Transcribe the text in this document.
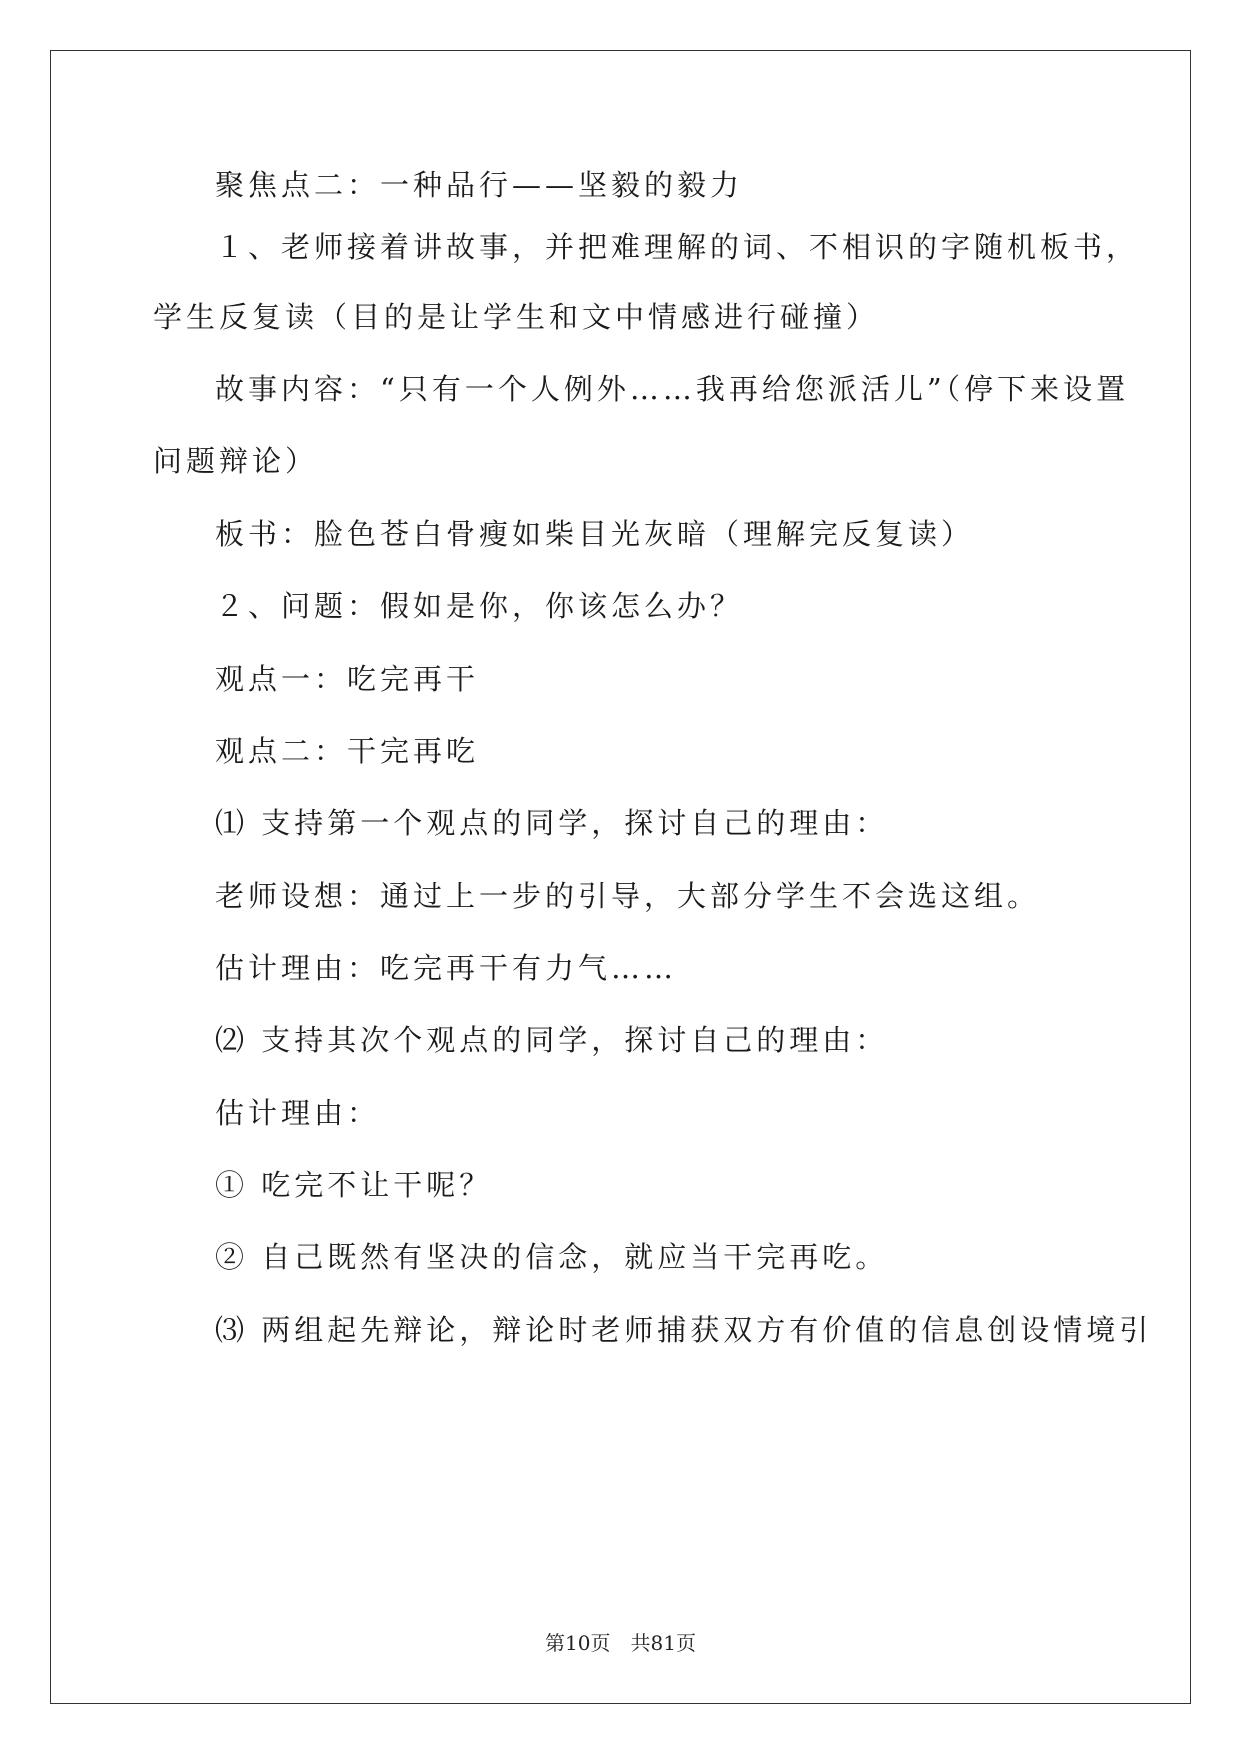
聚焦点二：一种品行——坚毅的毅力
１、老师接着讲故事，并把难理解的词、不相识的字随机板书，
学生反复读（目的是让学生和文中情感进行碰撞）
故事内容：“只有一个人例外……我再给您派活儿”（停下来设置
问题辩论）
板书：脸色苍白骨瘦如柴目光灰暗（理解完反复读）
２、问题：假如是你，你该怎么办？
观点一：吃完再干
观点二：干完再吃
⑴ 支持第一个观点的同学，探讨自己的理由：
老师设想：通过上一步的引导，大部分学生不会选这组。
估计理由：吃完再干有力气……
⑵ 支持其次个观点的同学，探讨自己的理由：
估计理由：
① 吃完不让干呢？
② 自己既然有坚决的信念，就应当干完再吃。
⑶ 两组起先辩论，辩论时老师捕获双方有价值的信息创设情境引
第10页　共81页
